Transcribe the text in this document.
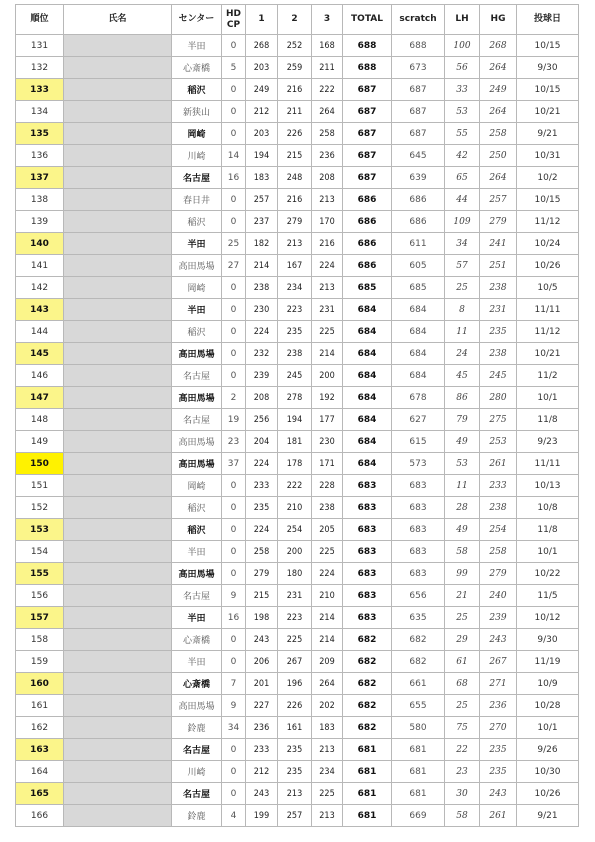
順位	氏名	センター	HD
CP	1	2	3	TOTAL	scratch	LH	HG	投球日
131		半田	0	268	252	168	688	688	100	268	10/15
132		心斎橋	5	203	259	211	688	673	56	264	9/30
133		稲沢	0	249	216	222	687	687	33	249	10/15
134		新狭山	0	212	211	264	687	687	53	264	10/21
135		岡崎	0	203	226	258	687	687	55	258	9/21
136		川崎	14	194	215	236	687	645	42	250	10/31
137		名古屋	16	183	248	208	687	639	65	264	10/2
138		春日井	0	257	216	213	686	686	44	257	10/15
139		稲沢	0	237	279	170	686	686	109	279	11/12
140		半田	25	182	213	216	686	611	34	241	10/24
141		高田馬場	27	214	167	224	686	605	57	251	10/26
142		岡崎	0	238	234	213	685	685	25	238	10/5
143		半田	0	230	223	231	684	684	8	231	11/11
144		稲沢	0	224	235	225	684	684	11	235	11/12
145		高田馬場	0	232	238	214	684	684	24	238	10/21
146		名古屋	0	239	245	200	684	684	45	245	11/2
147		高田馬場	2	208	278	192	684	678	86	280	10/1
148		名古屋	19	256	194	177	684	627	79	275	11/8
149		高田馬場	23	204	181	230	684	615	49	253	9/23
150		高田馬場	37	224	178	171	684	573	53	261	11/11
151		岡崎	0	233	222	228	683	683	11	233	10/13
152		稲沢	0	235	210	238	683	683	28	238	10/8
153		稲沢	0	224	254	205	683	683	49	254	11/8
154		半田	0	258	200	225	683	683	58	258	10/1
155		高田馬場	0	279	180	224	683	683	99	279	10/22
156		名古屋	9	215	231	210	683	656	21	240	11/5
157		半田	16	198	223	214	683	635	25	239	10/12
158		心斎橋	0	243	225	214	682	682	29	243	9/30
159		半田	0	206	267	209	682	682	61	267	11/19
160		心斎橋	7	201	196	264	682	661	68	271	10/9
161		高田馬場	9	227	226	202	682	655	25	236	10/28
162		鈴鹿	34	236	161	183	682	580	75	270	10/1
163		名古屋	0	233	235	213	681	681	22	235	9/26
164		川崎	0	212	235	234	681	681	23	235	10/30
165		名古屋	0	243	213	225	681	681	30	243	10/26
166		鈴鹿	4	199	257	213	681	669	58	261	9/21
